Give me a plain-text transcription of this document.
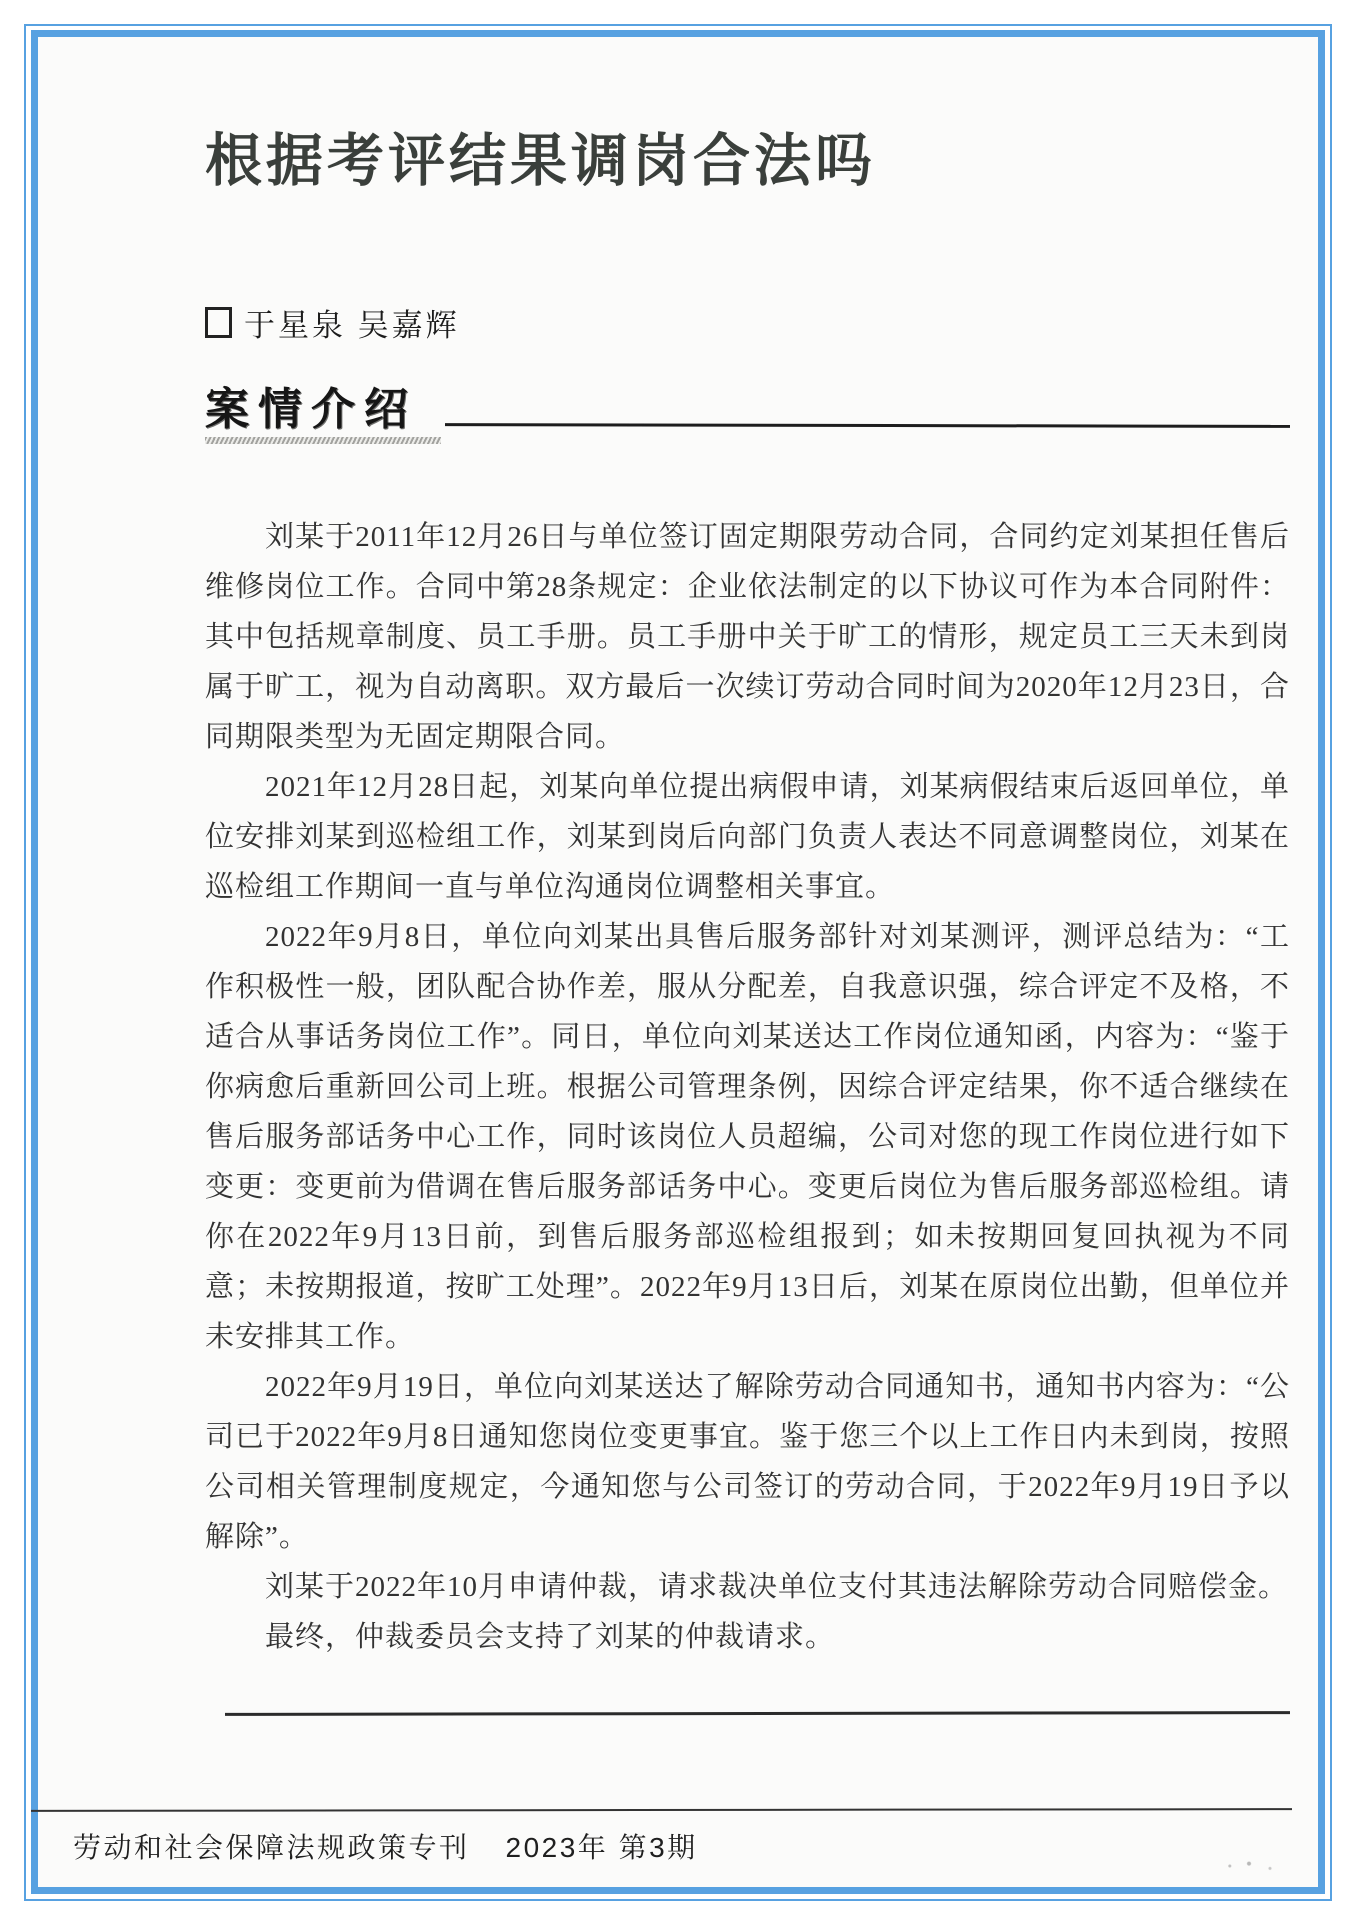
根据考评结果调岗合法吗
于星泉 吴嘉辉
案情介绍

刘某于2011年12月26日与单位签订固定期限劳动合同，合同约定刘某担任售后维修岗位工作。合同中第28条规定：企业依法制定的以下协议可作为本合同附件：其中包括规章制度、员工手册。员工手册中关于旷工的情形，规定员工三天未到岗属于旷工，视为自动离职。双方最后一次续订劳动合同时间为2020年12月23日，合同期限类型为无固定期限合同。

2021年12月28日起，刘某向单位提出病假申请，刘某病假结束后返回单位，单位安排刘某到巡检组工作，刘某到岗后向部门负责人表达不同意调整岗位，刘某在巡检组工作期间一直与单位沟通岗位调整相关事宜。

2022年9月8日，单位向刘某出具售后服务部针对刘某测评，测评总结为：“工作积极性一般，团队配合协作差，服从分配差，自我意识强，综合评定不及格，不适合从事话务岗位工作”。同日，单位向刘某送达工作岗位通知函，内容为：“鉴于你病愈后重新回公司上班。根据公司管理条例，因综合评定结果，你不适合继续在售后服务部话务中心工作，同时该岗位人员超编，公司对您的现工作岗位进行如下变更：变更前为借调在售后服务部话务中心。变更后岗位为售后服务部巡检组。请你在2022年9月13日前，到售后服务部巡检组报到；如未按期回复回执视为不同意；未按期报道，按旷工处理”。2022年9月13日后，刘某在原岗位出勤，但单位并未安排其工作。

2022年9月19日，单位向刘某送达了解除劳动合同通知书，通知书内容为：“公司已于2022年9月8日通知您岗位变更事宜。鉴于您三个以上工作日内未到岗，按照公司相关管理制度规定，今通知您与公司签订的劳动合同，于2022年9月19日予以解除”。

刘某于2022年10月申请仲裁，请求裁决单位支付其违法解除劳动合同赔偿金。

最终，仲裁委员会支持了刘某的仲裁请求。

劳动和社会保障法规政策专刊 2023年 第3期
